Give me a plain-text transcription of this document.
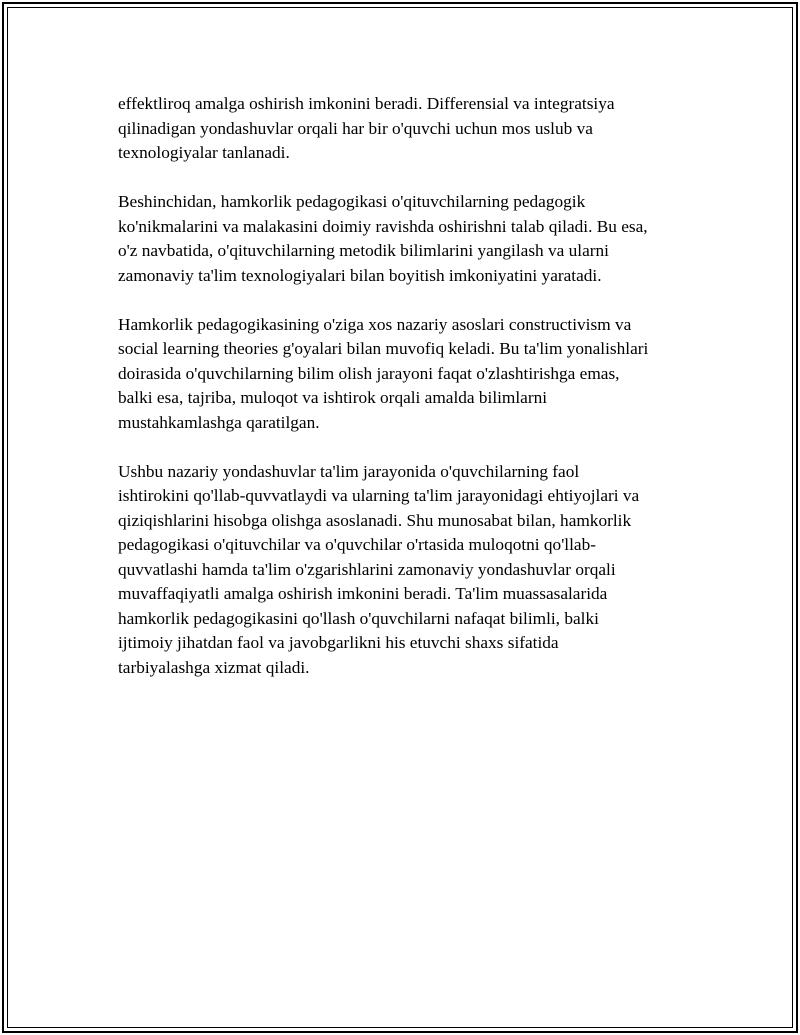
effektliroq amalga oshirish imkonini beradi. Differensial va integratsiya
qilinadigan yondashuvlar orqali har bir o'quvchi uchun mos uslub va
texnologiyalar tanlanadi.

Beshinchidan, hamkorlik pedagogikasi o'qituvchilarning pedagogik
ko'nikmalarini va malakasini doimiy ravishda oshirishni talab qiladi. Bu esa,
o'z navbatida, o'qituvchilarning metodik bilimlarini yangilash va ularni
zamonaviy ta'lim texnologiyalari bilan boyitish imkoniyatini yaratadi.

Hamkorlik pedagogikasining o'ziga xos nazariy asoslari constructivism va
social learning theories g'oyalari bilan muvofiq keladi. Bu ta'lim yonalishlari
doirasida o'quvchilarning bilim olish jarayoni faqat o'zlashtirishga emas,
balki esa, tajriba, muloqot va ishtirok orqali amalda bilimlarni
mustahkamlashga qaratilgan.

Ushbu nazariy yondashuvlar ta'lim jarayonida o'quvchilarning faol
ishtirokini qo'llab-quvvatlaydi va ularning ta'lim jarayonidagi ehtiyojlari va
qiziqishlarini hisobga olishga asoslanadi. Shu munosabat bilan, hamkorlik
pedagogikasi o'qituvchilar va o'quvchilar o'rtasida muloqotni qo'llab-
quvvatlashi hamda ta'lim o'zgarishlarini zamonaviy yondashuvlar orqali
muvaffaqiyatli amalga oshirish imkonini beradi. Ta'lim muassasalarida
hamkorlik pedagogikasini qo'llash o'quvchilarni nafaqat bilimli, balki
ijtimoiy jihatdan faol va javobgarlikni his etuvchi shaxs sifatida
tarbiyalashga xizmat qiladi.
